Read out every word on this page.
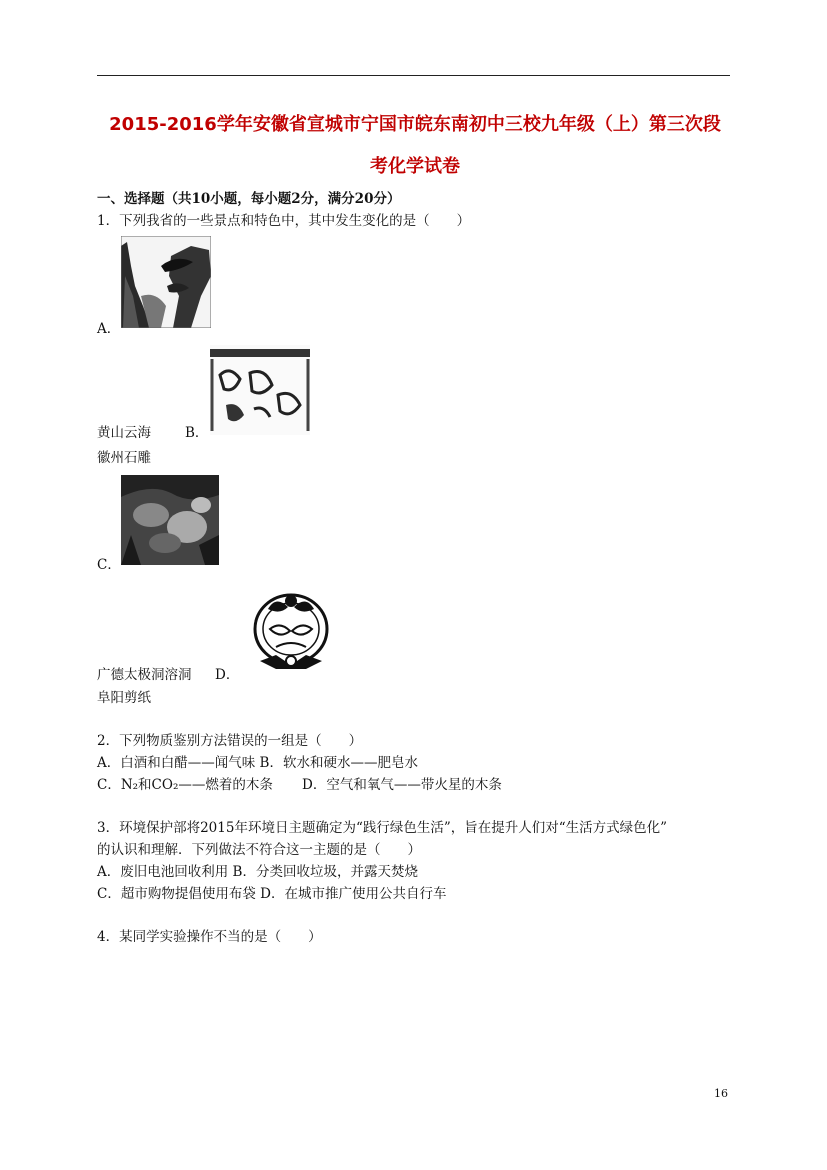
2015-2016学年安徽省宣城市宁国市皖东南初中三校九年级（上）第三次段
考化学试卷
一、选择题（共10小题，每小题2分，满分20分）
1．下列我省的一些景点和特色中，其中发生变化的是（　　）
A．
黄山云海	B．
徽州石雕
C．
广德太极洞溶洞 D．
阜阳剪纸
2．下列物质鉴别方法错误的一组是（　　）
A．白酒和白醋——闻气味 B．软水和硬水——肥皂水
C．N₂和CO₂——燃着的木条 D．空气和氧气——带火星的木条
3．环境保护部将2015年环境日主题确定为“践行绿色生活”，旨在提升人们对“生活方式绿色化”
的认识和理解．下列做法不符合这一主题的是（　　）
A．废旧电池回收利用 B．分类回收垃圾，并露天焚烧
C．超市购物提倡使用布袋 D．在城市推广使用公共自行车
4．某同学实验操作不当的是（　　）
16
